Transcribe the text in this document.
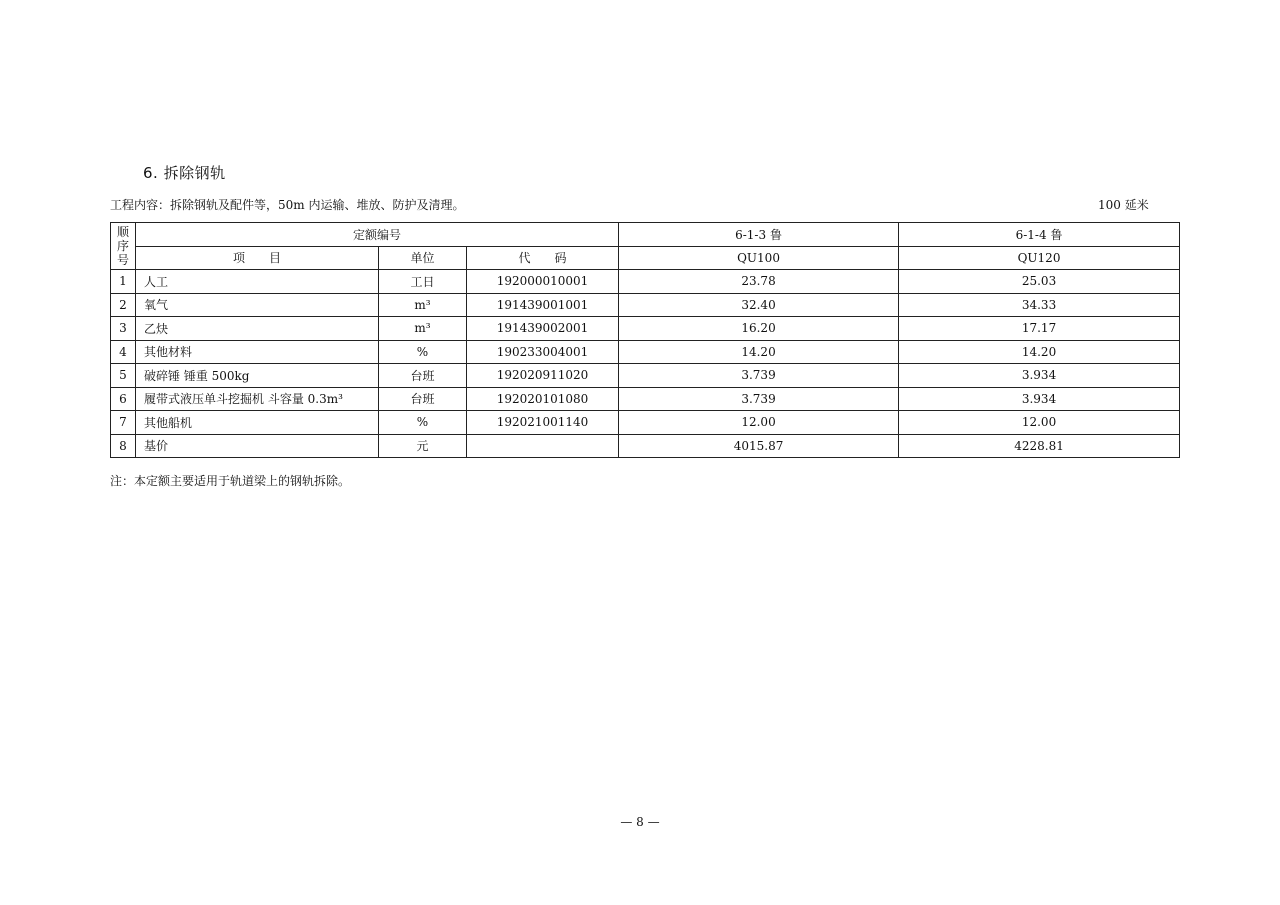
6. 拆除钢轨
工程内容：拆除钢轨及配件等，50m 内运输、堆放、防护及清理。	100 延米
顺序号	定额编号			6-1-3 鲁	6-1-4 鲁
	项　　目	单位	代　　码	QU100	QU120
1	人工	工日	192000010001	23.78	25.03
2	氧气	m³	191439001001	32.40	34.33
3	乙炔	m³	191439002001	16.20	17.17
4	其他材料	%	190233004001	14.20	14.20
5	破碎锤 锤重 500kg	台班	192020911020	3.739	3.934
6	履带式液压单斗挖掘机 斗容量 0.3m³	台班	192020101080	3.739	3.934
7	其他船机	%	192021001140	12.00	12.00
8	基价	元		4015.87	4228.81
注：本定额主要适用于轨道梁上的钢轨拆除。
— 8 —
